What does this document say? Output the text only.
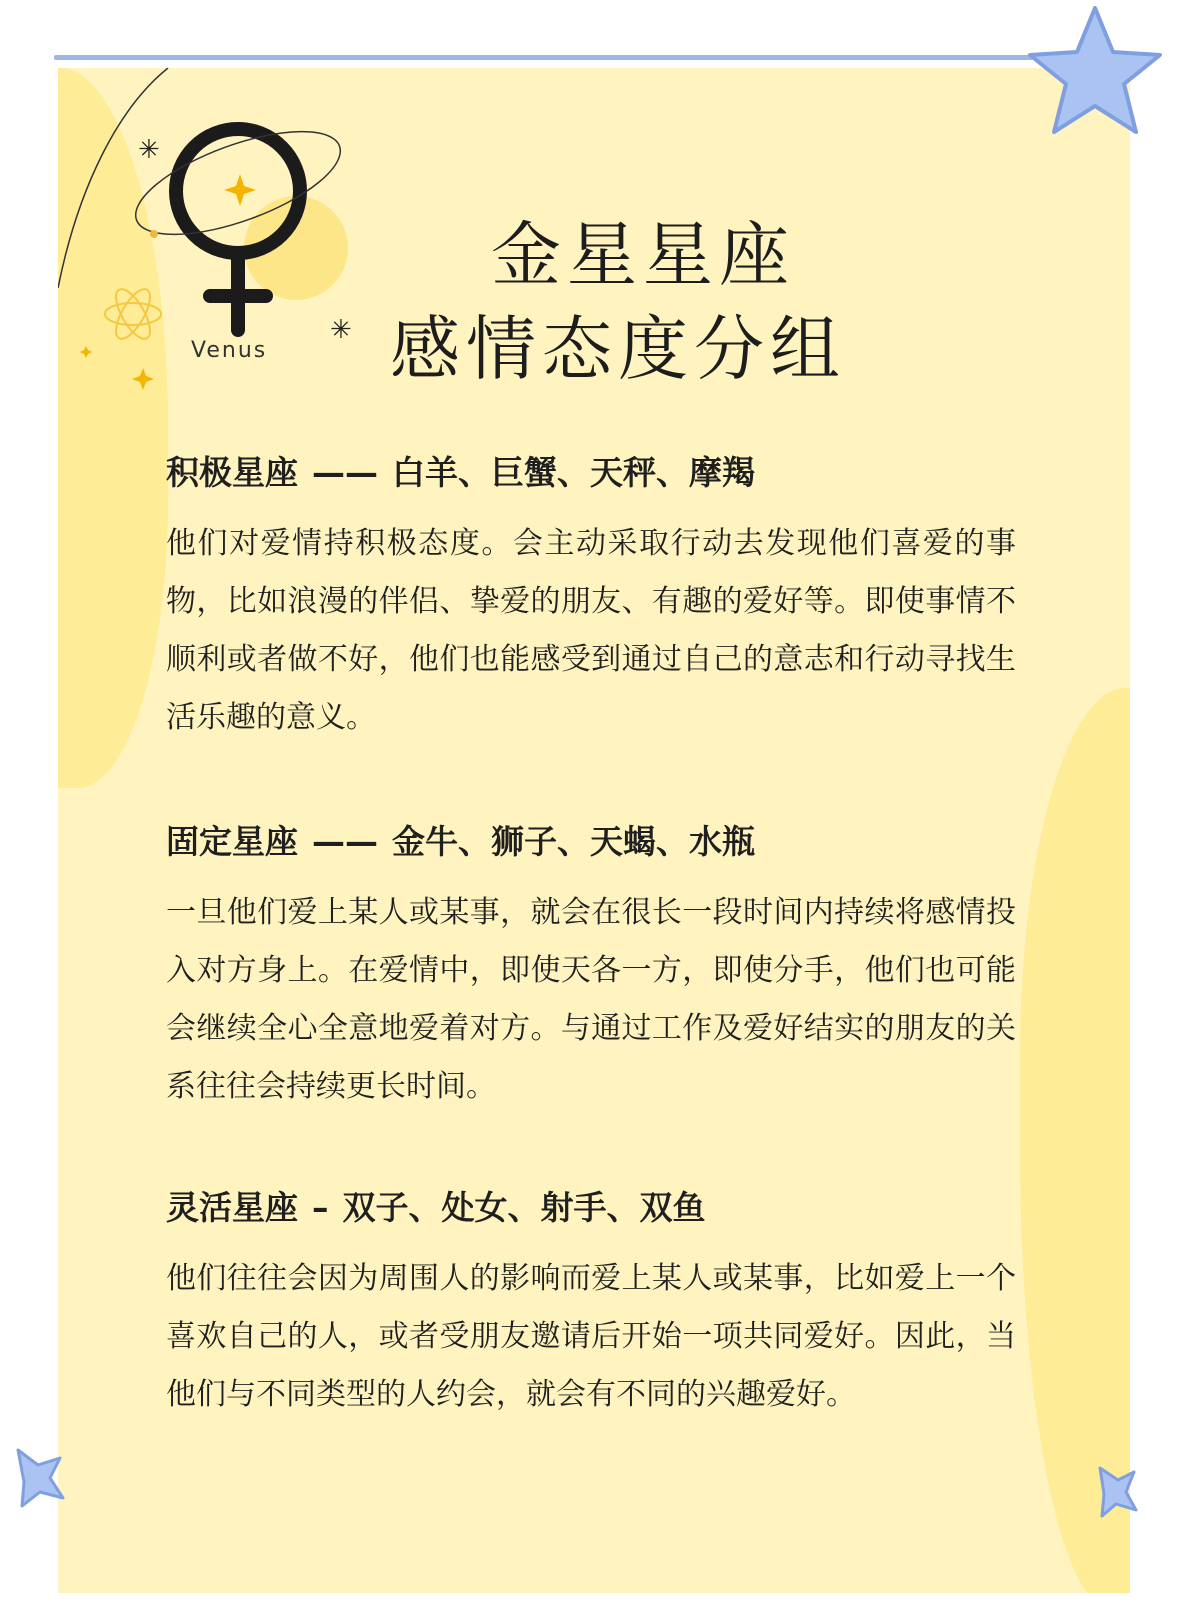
✳
✳
Venus
金星星座
感情态度分组
积极星座 —— 白羊、巨蟹、天秤、摩羯

他们对爱情持积极态度。会主动采取行动去发现他们喜爱的事物，比如浪漫的伴侣、挚爱的朋友、有趣的爱好等。即使事情不顺利或者做不好，他们也能感受到通过自己的意志和行动寻找生活乐趣的意义。

固定星座 —— 金牛、狮子、天蝎、水瓶

一旦他们爱上某人或某事，就会在很长一段时间内持续将感情投入对方身上。在爱情中，即使天各一方，即使分手，他们也可能会继续全心全意地爱着对方。与通过工作及爱好结实的朋友的关系往往会持续更长时间。

灵活星座 – 双子、处女、射手、双鱼

他们往往会因为周围人的影响而爱上某人或某事，比如爱上一个喜欢自己的人，或者受朋友邀请后开始一项共同爱好。因此，当他们与不同类型的人约会，就会有不同的兴趣爱好。
